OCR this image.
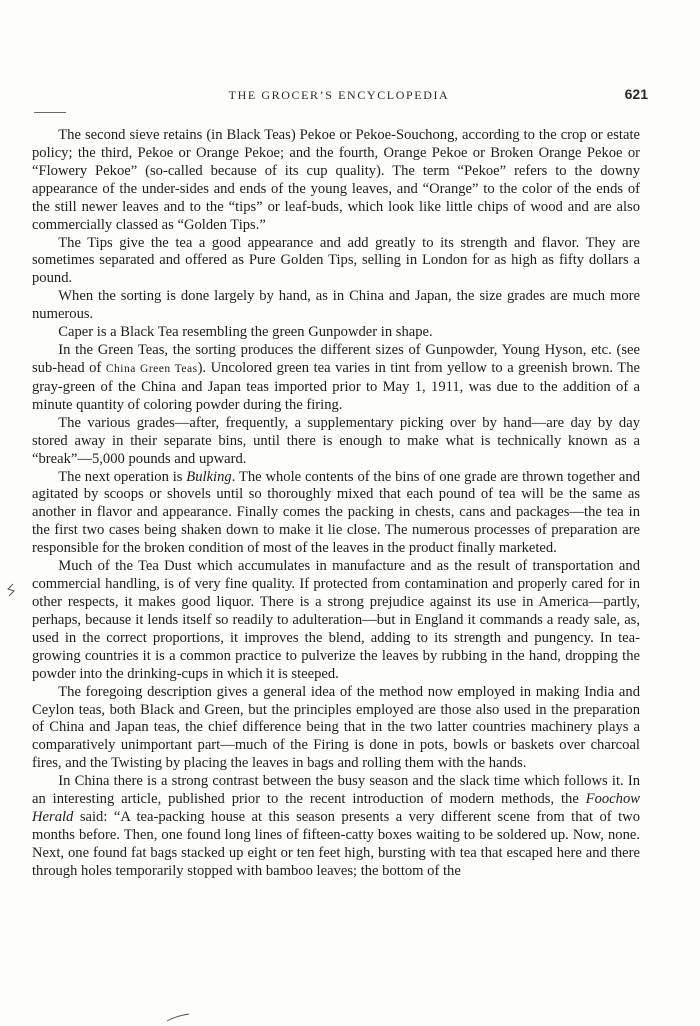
THE GROCER’S ENCYCLOPEDIA	621

The second sieve retains (in Black Teas) Pekoe or Pekoe-Souchong, according to the crop or estate policy; the third, Pekoe or Orange Pekoe; and the fourth, Orange Pekoe or Broken Orange Pekoe or “Flowery Pekoe” (so-called because of its cup quality). The term “Pekoe” refers to the downy appearance of the under-sides and ends of the young leaves, and “Orange” to the color of the ends of the still newer leaves and to the “tips” or leaf-buds, which look like little chips of wood and are also commercially classed as “Golden Tips.”

The Tips give the tea a good appearance and add greatly to its strength and flavor. They are sometimes separated and offered as Pure Golden Tips, selling in London for as high as fifty dollars a pound.

When the sorting is done largely by hand, as in China and Japan, the size grades are much more numerous.

Caper is a Black Tea resembling the green Gunpowder in shape.

In the Green Teas, the sorting produces the different sizes of Gunpowder, Young Hyson, etc. (see sub-head of China Green Teas). Uncolored green tea varies in tint from yellow to a greenish brown. The gray-green of the China and Japan teas imported prior to May 1, 1911, was due to the addition of a minute quantity of coloring powder during the firing.

The various grades—after, frequently, a supplementary picking over by hand—are day by day stored away in their separate bins, until there is enough to make what is technically known as a “break”—5,000 pounds and upward.

The next operation is Bulking. The whole contents of the bins of one grade are thrown together and agitated by scoops or shovels until so thoroughly mixed that each pound of tea will be the same as another in flavor and appearance. Finally comes the packing in chests, cans and packages—the tea in the first two cases being shaken down to make it lie close. The numerous processes of preparation are responsible for the broken condition of most of the leaves in the product finally marketed.

Much of the Tea Dust which accumulates in manufacture and as the result of transportation and commercial handling, is of very fine quality. If protected from contamination and properly cared for in other respects, it makes good liquor. There is a strong prejudice against its use in America—partly, perhaps, because it lends itself so readily to adulteration—but in England it commands a ready sale, as, used in the correct proportions, it improves the blend, adding to its strength and pungency. In tea-growing countries it is a common practice to pulverize the leaves by rubbing in the hand, dropping the powder into the drinking-cups in which it is steeped.

The foregoing description gives a general idea of the method now employed in making India and Ceylon teas, both Black and Green, but the principles employed are those also used in the preparation of China and Japan teas, the chief difference being that in the two latter countries machinery plays a comparatively unimportant part—much of the Firing is done in pots, bowls or baskets over charcoal fires, and the Twisting by placing the leaves in bags and rolling them with the hands.

In China there is a strong contrast between the busy season and the slack time which follows it. In an interesting article, published prior to the recent introduction of modern methods, the Foochow Herald said: “A tea-packing house at this season presents a very different scene from that of two months before. Then, one found long lines of fifteen-catty boxes waiting to be soldered up. Now, none. Next, one found fat bags stacked up eight or ten feet high, bursting with tea that escaped here and there through holes temporarily stopped with bamboo leaves; the bottom of the
